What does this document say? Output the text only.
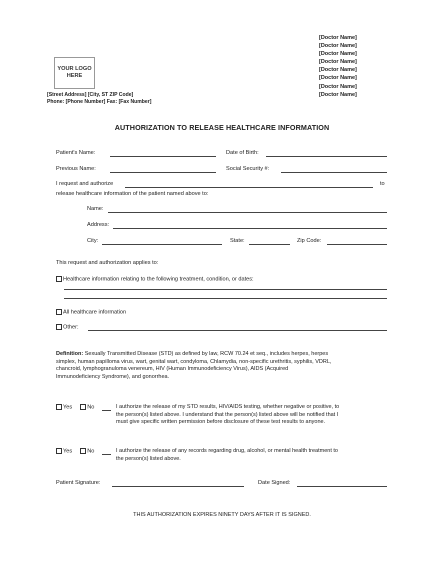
YOUR LOGO
HERE
[Doctor Name]
[Doctor Name]
[Doctor Name]
[Doctor Name]
[Doctor Name]
[Doctor Name]
[Doctor Name]
[Doctor Name]
[Street Address] [City, ST ZIP Code]
Phone: [Phone Number] Fax: [Fax Number]
AUTHORIZATION TO RELEASE HEALTHCARE INFORMATION
Patient's Name:	Date of Birth:
Previous Name:	Social Security #:
I request and authorize	to
release healthcare information of the patient named above to:
Name:
Address:
City:	State:	Zip Code:
This request and authorization applies to:
Healthcare information relating to the following treatment, condition, or dates:
All healthcare information
Other:
Definition: Sexually Transmitted Disease (STD) as defined by law, RCW 70.24 et seq., includes herpes, herpes
simplex, human papilloma virus, wart, genital wart, condyloma, Chlamydia, non-specific urethritis, syphilis, VDRL,
chancroid, lymphogranuloma venereum, HIV (Human Immunodeficiency Virus), AIDS (Acquired
Immunodeficiency Syndrome), and gonorrhea.
Yes	No	I authorize the release of my STD results, HIV/AIDS testing, whether negative or positive, to
the person(s) listed above. I understand that the person(s) listed above will be notified that I
must give specific written permission before disclosure of these test results to anyone.
Yes	No	I authorize the release of any records regarding drug, alcohol, or mental health treatment to
the person(s) listed above.
Patient Signature:	Date Signed:
THIS AUTHORIZATION EXPIRES NINETY DAYS AFTER IT IS SIGNED.
